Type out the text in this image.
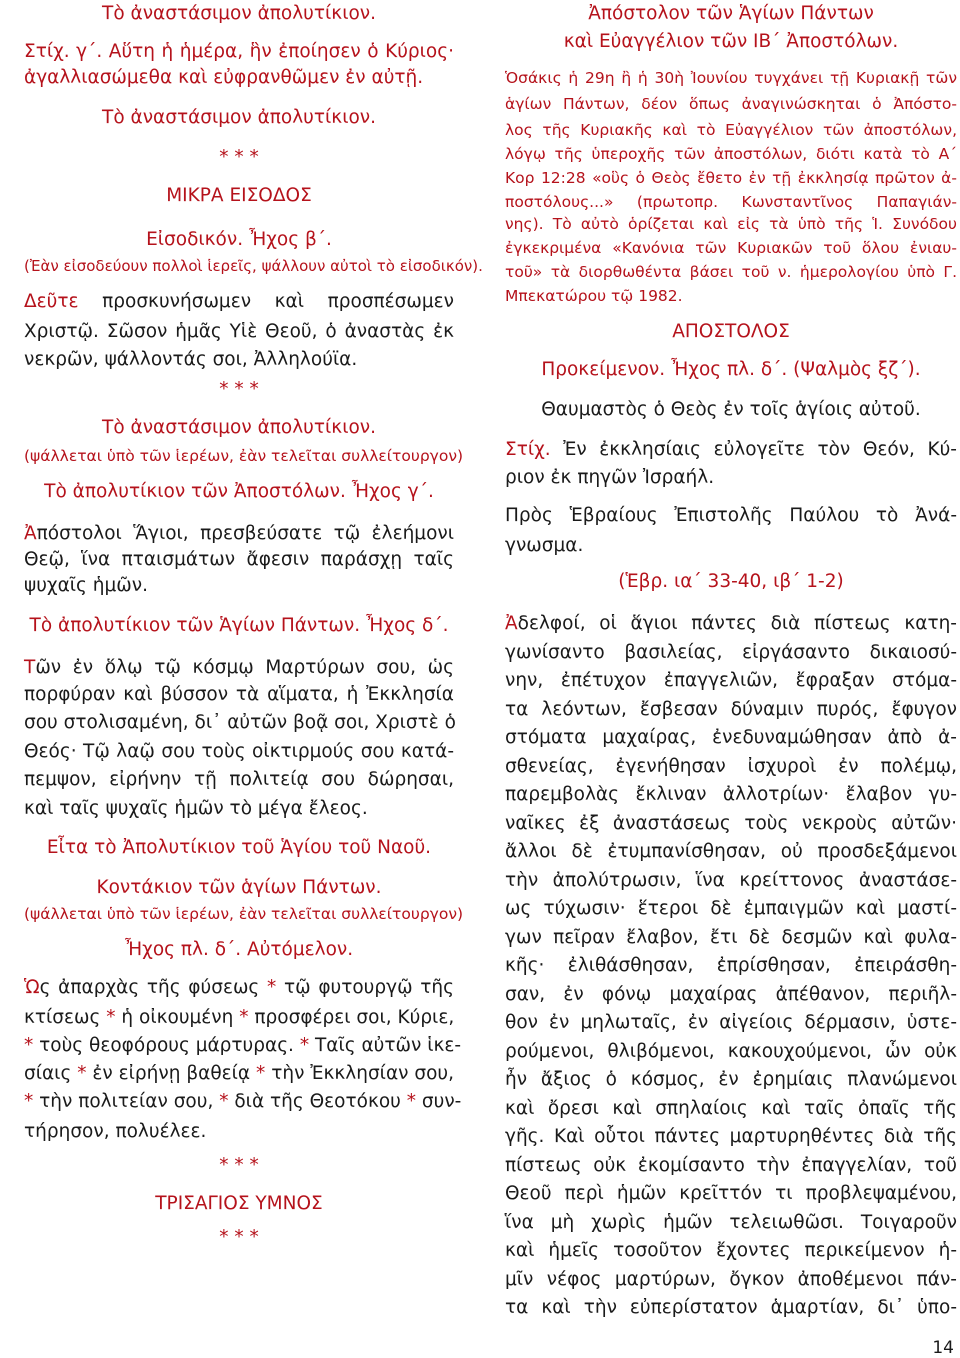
Τὸ ἀναστάσιμον ἀπολυτίκιον.
Στίχ. γ΄. Αὕτη ἡ ἡμέρα, ἣν ἐποίησεν ὁ Κύριος·
ἀγαλλιασώμεθα καὶ εὐφρανθῶμεν ἐν αὐτῇ.
Τὸ ἀναστάσιμον ἀπολυτίκιον.
* * *
ΜΙΚΡΑ ΕΙΣΟΔΟΣ
Εἰσοδικόν. Ἦχος β΄.
(Ἐὰν εἰσοδεύουν πολλοὶ ἱερεῖς, ψάλλουν αὐτοὶ τὸ εἰσοδικόν).
Δεῦτε προσκυνήσωμεν καὶ προσπέσωμεν
Χριστῷ. Σῶσον ἡμᾶς Υἱὲ Θεοῦ, ὁ ἀναστὰς ἐκ
νεκρῶν, ψάλλοντάς σοι, Ἀλληλούϊα.
* * *
Τὸ ἀναστάσιμον ἀπολυτίκιον.
(ψάλλεται ὑπὸ τῶν ἱερέων, ἐὰν τελεῖται συλλείτουργον)
Τὸ ἀπολυτίκιον τῶν Ἀποστόλων. Ἦχος γ΄.
Ἀπόστολοι Ἅγιοι, πρεσβεύσατε τῷ ἐλεήμονι
Θεῷ, ἵνα πταισμάτων ἄφεσιν παράσχῃ ταῖς
ψυχαῖς ἡμῶν.
Τὸ ἀπολυτίκιον τῶν Ἁγίων Πάντων. Ἦχος δ΄.
Τῶν ἐν ὅλῳ τῷ κόσμῳ Μαρτύρων σου, ὡς
πορφύραν καὶ βύσσον τὰ αἵματα, ἡ Ἐκκλησία
σου στολισαμένη, δι᾽ αὐτῶν βοᾷ σοι, Χριστὲ ὁ
Θεός· Τῷ λαῷ σου τοὺς οἰκτιρμούς σου κατά-
πεμψον, εἰρήνην τῇ πολιτείᾳ σου δώρησαι,
καὶ ταῖς ψυχαῖς ἡμῶν τὸ μέγα ἔλεος.
Εἶτα τὸ Ἀπολυτίκιον τοῦ Ἁγίου τοῦ Ναοῦ.
Κοντάκιον τῶν ἁγίων Πάντων.
(ψάλλεται ὑπὸ τῶν ἱερέων, ἐὰν τελεῖται συλλείτουργον)
Ἦχος πλ. δ΄. Αὐτόμελον.
Ὡς ἀπαρχὰς τῆς φύσεως * τῷ φυτουργῷ τῆς
κτίσεως * ἡ οἰκουμένη * προσφέρει σοι, Κύριε,
* τοὺς θεοφόρους μάρτυρας. * Ταῖς αὐτῶν ἱκε-
σίαις * ἐν εἰρήνῃ βαθείᾳ * τὴν Ἐκκλησίαν σου,
* τὴν πολιτείαν σου, * διὰ τῆς Θεοτόκου * συν-
τήρησον, πολυέλεε.
* * *
ΤΡΙΣΑΓΙΟΣ ΥΜΝΟΣ
* * *
Ἀπόστολον τῶν Ἁγίων Πάντων
καὶ Εὐαγγέλιον τῶν ΙΒ΄ Ἀποστόλων.
Ὁσάκις ἡ 29η ἢ ἡ 30ὴ Ἰουνίου τυγχάνει τῇ Κυριακῇ τῶν
ἁγίων Πάντων, δέον ὅπως ἀναγινώσκηται ὁ Ἀπόστο-
λος τῆς Κυριακῆς καὶ τὸ Εὐαγγέλιον τῶν ἀποστόλων,
λόγῳ τῆς ὑπεροχῆς τῶν ἀποστόλων, διότι κατὰ τὸ Α΄
Κορ 12:28 «οὓς ὁ Θεὸς ἔθετο ἐν τῇ ἐκκλησίᾳ πρῶτον ἀ-
ποστόλους...» (πρωτοπρ. Κωνσταντῖνος Παπαγιάν-
νης). Τὸ αὐτὸ ὁρίζεται καὶ εἰς τὰ ὑπὸ τῆς Ἱ. Συνόδου
ἐγκεκριμένα «Κανόνια τῶν Κυριακῶν τοῦ ὅλου ἐνιαυ-
τοῦ» τὰ διορθωθέντα βάσει τοῦ ν. ἡμερολογίου ὑπὸ Γ.
Μπεκατώρου τῷ 1982.
ΑΠΟΣΤΟΛΟΣ
Προκείμενον. Ἦχος πλ. δ΄. (Ψαλμὸς ξζ΄).
Θαυμαστὸς ὁ Θεὸς ἐν τοῖς ἁγίοις αὐτοῦ.
Στίχ. Ἐν ἐκκλησίαις εὐλογεῖτε τὸν Θεόν, Κύ-
ριον ἐκ πηγῶν Ἰσραήλ.
Πρὸς Ἑβραίους Ἐπιστολῆς Παύλου τὸ Ἀνά-
γνωσμα.
(Ἑβρ. ια΄ 33-40, ιβ΄ 1-2)
Ἀδελφοί, οἱ ἅγιοι πάντες διὰ πίστεως κατη-
γωνίσαντο βασιλείας, εἰργάσαντο δικαιοσύ-
νην, ἐπέτυχον ἐπαγγελιῶν, ἔφραξαν στόμα-
τα λεόντων, ἔσβεσαν δύναμιν πυρός, ἔφυγον
στόματα μαχαίρας, ἐνεδυναμώθησαν ἀπὸ ἀ-
σθενείας, ἐγενήθησαν ἰσχυροὶ ἐν πολέμῳ,
παρεμβολὰς ἔκλιναν ἀλλοτρίων· ἔλαβον γυ-
ναῖκες ἐξ ἀναστάσεως τοὺς νεκροὺς αὐτῶν·
ἄλλοι δὲ ἐτυμπανίσθησαν, οὐ προσδεξάμενοι
τὴν ἀπολύτρωσιν, ἵνα κρείττονος ἀναστάσε-
ως τύχωσιν· ἕτεροι δὲ ἐμπαιγμῶν καὶ μαστί-
γων πεῖραν ἔλαβον, ἔτι δὲ δεσμῶν καὶ φυλα-
κῆς· ἐλιθάσθησαν, ἐπρίσθησαν, ἐπειράσθη-
σαν, ἐν φόνῳ μαχαίρας ἀπέθανον, περιῆλ-
θον ἐν μηλωταῖς, ἐν αἰγείοις δέρμασιν, ὑστε-
ρούμενοι, θλιβόμενοι, κακουχούμενοι, ὧν οὐκ
ἦν ἄξιος ὁ κόσμος, ἐν ἐρημίαις πλανώμενοι
καὶ ὄρεσι καὶ σπηλαίοις καὶ ταῖς ὀπαῖς τῆς
γῆς. Καὶ οὗτοι πάντες μαρτυρηθέντες διὰ τῆς
πίστεως οὐκ ἐκομίσαντο τὴν ἐπαγγελίαν, τοῦ
Θεοῦ περὶ ἡμῶν κρεῖττόν τι προβλεψαμένου,
ἵνα μὴ χωρὶς ἡμῶν τελειωθῶσι. Τοιγαροῦν
καὶ ἡμεῖς τοσοῦτον ἔχοντες περικείμενον ἡ-
μῖν νέφος μαρτύρων, ὄγκον ἀποθέμενοι πάν-
τα καὶ τὴν εὐπερίστατον ἁμαρτίαν, δι᾽ ὑπο-
14
